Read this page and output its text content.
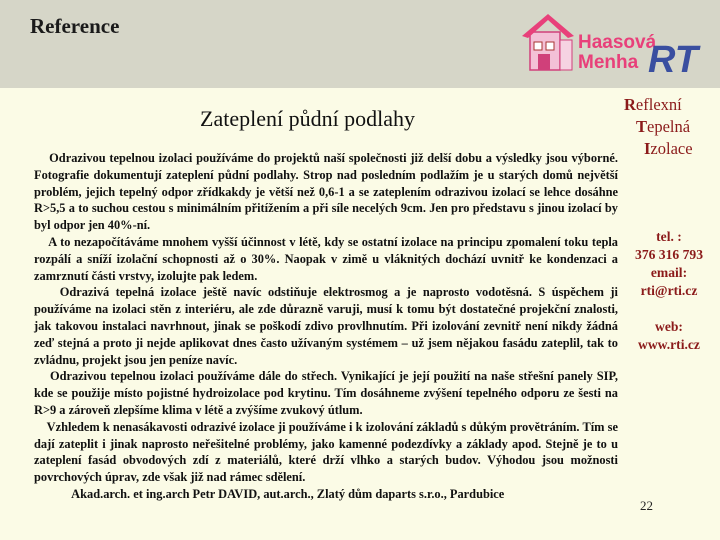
Reference
Haasová
Menha RT
Zateplení půdní podlahy

Odrazivou tepelnou izolaci používáme do projektů naší společnosti již delší dobu a výsledky jsou výborné. Fotografie dokumentují zateplení půdní podlahy. Strop nad posledním podlažím je u starých domů největší problém, jejich tepelný odpor zřídkakdy je větší než 0,6-1 a se zateplením odrazivou izolací se lehce dosáhne R>5,5 a to suchou cestou s minimálním přitížením a při síle necelých 9cm. Jen pro představu s jinou izolací by byl odpor jen 40%-ní.

A to nezapočítáváme mnohem vyšší účinnost v létě, kdy se ostatní izolace na principu zpomalení toku tepla rozpálí a sníží izolační schopnosti až o 30%. Naopak v zimě u vláknitých dochází uvnitř ke kondenzaci a zamrznutí části vrstvy, izolujte pak ledem.

Odrazivá tepelná izolace ještě navíc odstiňuje elektrosmog a je naprosto vodotěsná. S úspěchem ji používáme na izolaci stěn z interiéru, ale zde důrazně varuji, musí k tomu být dostatečné projekční znalosti, jak takovou instalaci navrhnout, jinak se poškodí zdivo provlhnutím. Při izolování zevnitř není nikdy žádná zeď stejná a proto ji nejde aplikovat dnes často užívaným systémem – už jsem nějakou fasádu zateplil, tak to zvládnu, projekt jsou jen peníze navíc.

Odrazivou tepelnou izolaci používáme dále do střech. Vynikající je její použití na naše střešní panely SIP, kde se použije místo pojistné hydroizolace pod krytinu. Tím dosáhneme zvýšení tepelného odporu ze šesti na R>9 a zároveň zlepšíme klima v létě a zvýšíme zvukový útlum.

Vzhledem k nenasákavosti odrazivé izolace ji používáme i k izolování základů s důkým provětráním. Tím se dají zateplit i jinak naprosto neřešitelné problémy, jako kamenné podezdívky a základy apod. Stejně je to u zateplení fasád obvodových zdí z materiálů, které drží vlhko a starých budov. Výhodou jsou možnosti povrchových úprav, zde však již nad rámec sdělení.

Akad.arch. et ing.arch Petr DAVID, aut.arch., Zlatý dům daparts s.r.o., Pardubice

Reflexní
Tepelná
Izolace
tel. :
376 316 793
email:
rti@rti.cz
web:
www.rti.cz
22
